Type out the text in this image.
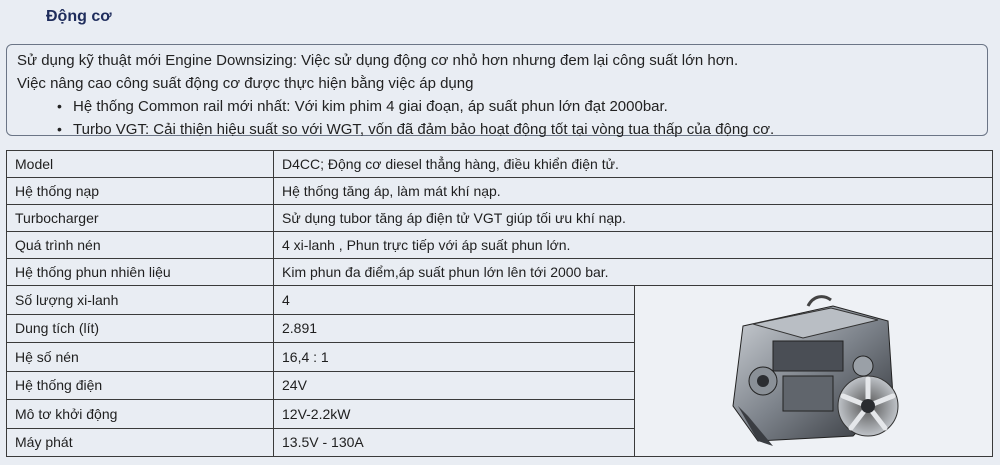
Động cơ

Sử dụng kỹ thuật mới Engine Downsizing: Việc sử dụng động cơ nhỏ hơn nhưng đem lại công suất lớn hơn.

Việc nâng cao công suất động cơ được thực hiện bằng việc áp dụng

• Hệ thống Common rail mới nhất: Với kim phim 4 giai đoạn, áp suất phun lớn đạt 2000bar.
• Turbo VGT: Cải thiện hiệu suất so với WGT, vốn đã đảm bảo hoạt động tốt tại vòng tua thấp của động cơ.
Model	D4CC; Động cơ diesel thẳng hàng, điều khiển điện tử.	
Hệ thống nạp	Hệ thống tăng áp, làm mát khí nạp.	
Turbocharger	Sử dụng tubor tăng áp điện tử VGT giúp tối ưu khí nạp.	
Quá trình nén	4 xi-lanh , Phun trực tiếp với áp suất phun lớn.	
Hệ thống phun nhiên liệu	Kim phun đa điểm,áp suất phun lớn lên tới 2000 bar.	
Số lượng xi-lanh	4	

Dung tích (lít)	2.891	
Hệ số nén	16,4 : 1	
Hệ thống điện	24V	
Mô tơ khởi động	12V-2.2kW	
Máy phát	13.5V - 130A	
